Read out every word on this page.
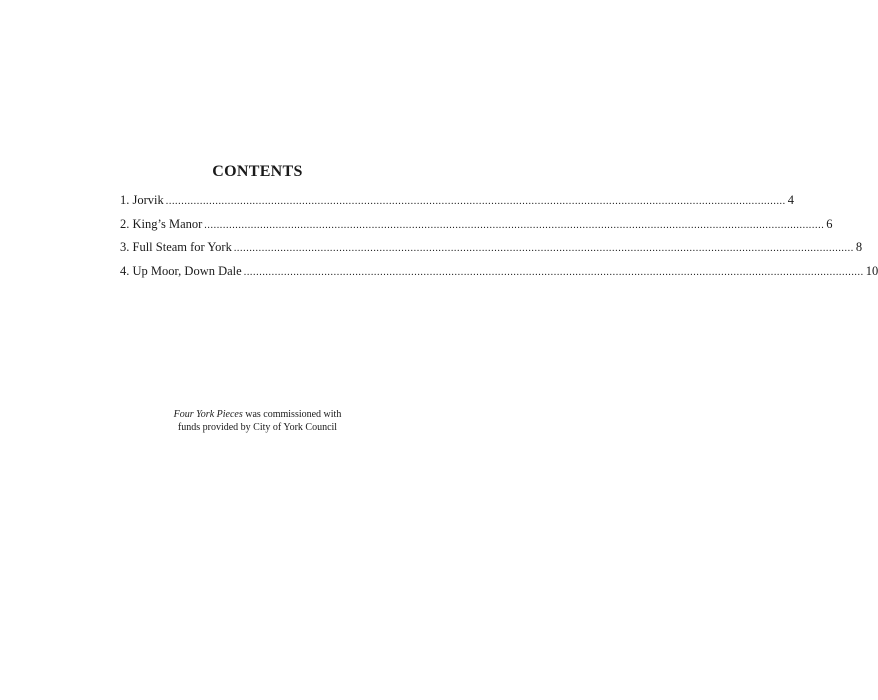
CONTENTS
1. Jorvik ........................................................................................................................................................................................................ 4
2. King’s Manor ........................................................................................................................................................................................................ 6
3. Full Steam for York ........................................................................................................................................................................................................ 8
4. Up Moor, Down Dale ........................................................................................................................................................................................................ 10

Four York Pieces was commissioned with
funds provided by City of York Council
